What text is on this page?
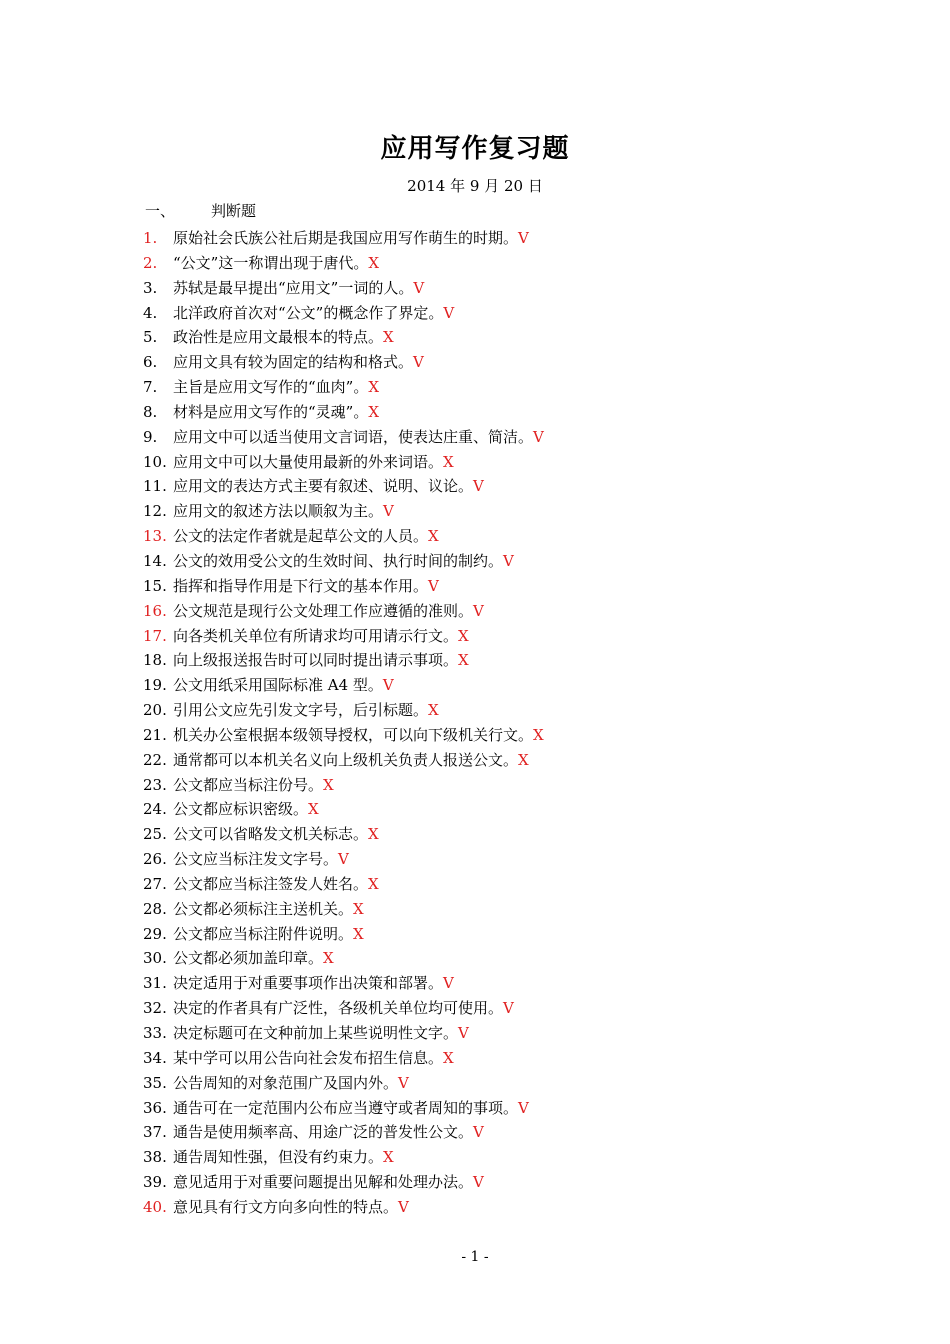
应用写作复习题
2014 年 9 月 20 日
一、 判断题
1. 原始社会氏族公社后期是我国应用写作萌生的时期。V
2. “公文”这一称谓出现于唐代。X
3. 苏轼是最早提出“应用文”一词的人。V
4. 北洋政府首次对“公文”的概念作了界定。V
5. 政治性是应用文最根本的特点。X
6. 应用文具有较为固定的结构和格式。V
7. 主旨是应用文写作的“血肉”。X
8. 材料是应用文写作的“灵魂”。X
9. 应用文中可以适当使用文言词语，使表达庄重、简洁。V
10. 应用文中可以大量使用最新的外来词语。X
11. 应用文的表达方式主要有叙述、说明、议论。V
12. 应用文的叙述方法以顺叙为主。V
13. 公文的法定作者就是起草公文的人员。X
14. 公文的效用受公文的生效时间、执行时间的制约。V
15. 指挥和指导作用是下行文的基本作用。V
16. 公文规范是现行公文处理工作应遵循的准则。V
17. 向各类机关单位有所请求均可用请示行文。X
18. 向上级报送报告时可以同时提出请示事项。X
19. 公文用纸采用国际标准 A4 型。V
20. 引用公文应先引发文字号，后引标题。X
21. 机关办公室根据本级领导授权，可以向下级机关行文。X
22. 通常都可以本机关名义向上级机关负责人报送公文。X
23. 公文都应当标注份号。X
24. 公文都应标识密级。X
25. 公文可以省略发文机关标志。X
26. 公文应当标注发文字号。V
27. 公文都应当标注签发人姓名。X
28. 公文都必须标注主送机关。X
29. 公文都应当标注附件说明。X
30. 公文都必须加盖印章。X
31. 决定适用于对重要事项作出决策和部署。V
32. 决定的作者具有广泛性，各级机关单位均可使用。V
33. 决定标题可在文种前加上某些说明性文字。V
34. 某中学可以用公告向社会发布招生信息。X
35. 公告周知的对象范围广及国内外。V
36. 通告可在一定范围内公布应当遵守或者周知的事项。V
37. 通告是使用频率高、用途广泛的普发性公文。V
38. 通告周知性强，但没有约束力。X
39. 意见适用于对重要问题提出见解和处理办法。V
40. 意见具有行文方向多向性的特点。V
- 1 -
